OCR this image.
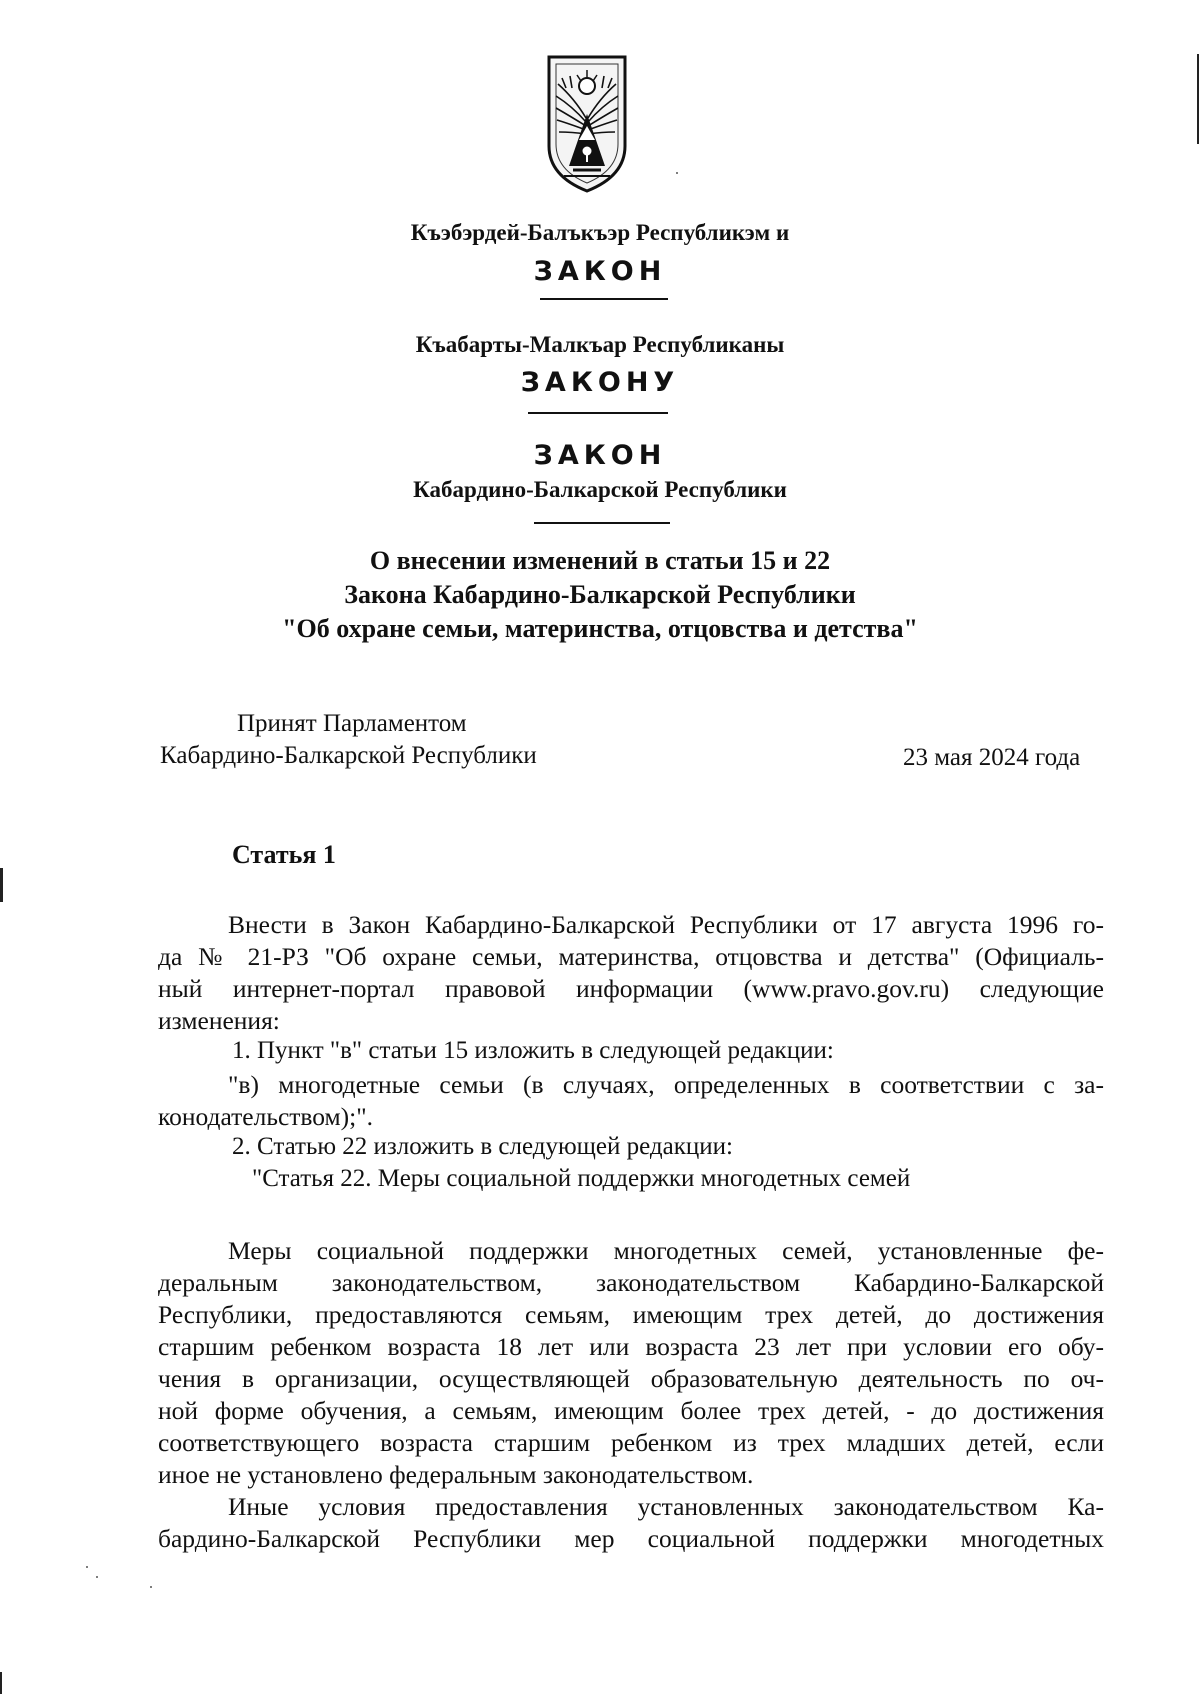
Къэбэрдей-Балъкъэр Республикэм и
ЗАКОН
Къабарты-Малкъар Республиканы
ЗАКОНУ
ЗАКОН
Кабардино-Балкарской Республики
О внесении изменений в статьи 15 и 22
Закона Кабардино-Балкарской Республики
"Об охране семьи, материнства, отцовства и детства"
Принят Парламентом
Кабардино-Балкарской Республики	23 мая 2024 года
Статья 1
Внести в Закон Кабардино-Балкарской Республики от 17 августа 1996 го-
да № 21-РЗ "Об охране семьи, материнства, отцовства и детства" (Официаль-
ный интернет-портал правовой информации (www.pravo.gov.ru) следующие
изменения:
1. Пункт "в" статьи 15 изложить в следующей редакции:
"в) многодетные семьи (в случаях, определенных в соответствии с за-
конодательством);".
2. Статью 22 изложить в следующей редакции:
"Статья 22. Меры социальной поддержки многодетных семей
Меры социальной поддержки многодетных семей, установленные фе-
деральным законодательством, законодательством Кабардино-Балкарской
Республики, предоставляются семьям, имеющим трех детей, до достижения
старшим ребенком возраста 18 лет или возраста 23 лет при условии его обу-
чения в организации, осуществляющей образовательную деятельность по оч-
ной форме обучения, а семьям, имеющим более трех детей, - до достижения
соответствующего возраста старшим ребенком из трех младших детей, если
иное не установлено федеральным законодательством.
Иные условия предоставления установленных законодательством Ка-
бардино-Балкарской Республики мер социальной поддержки многодетных
